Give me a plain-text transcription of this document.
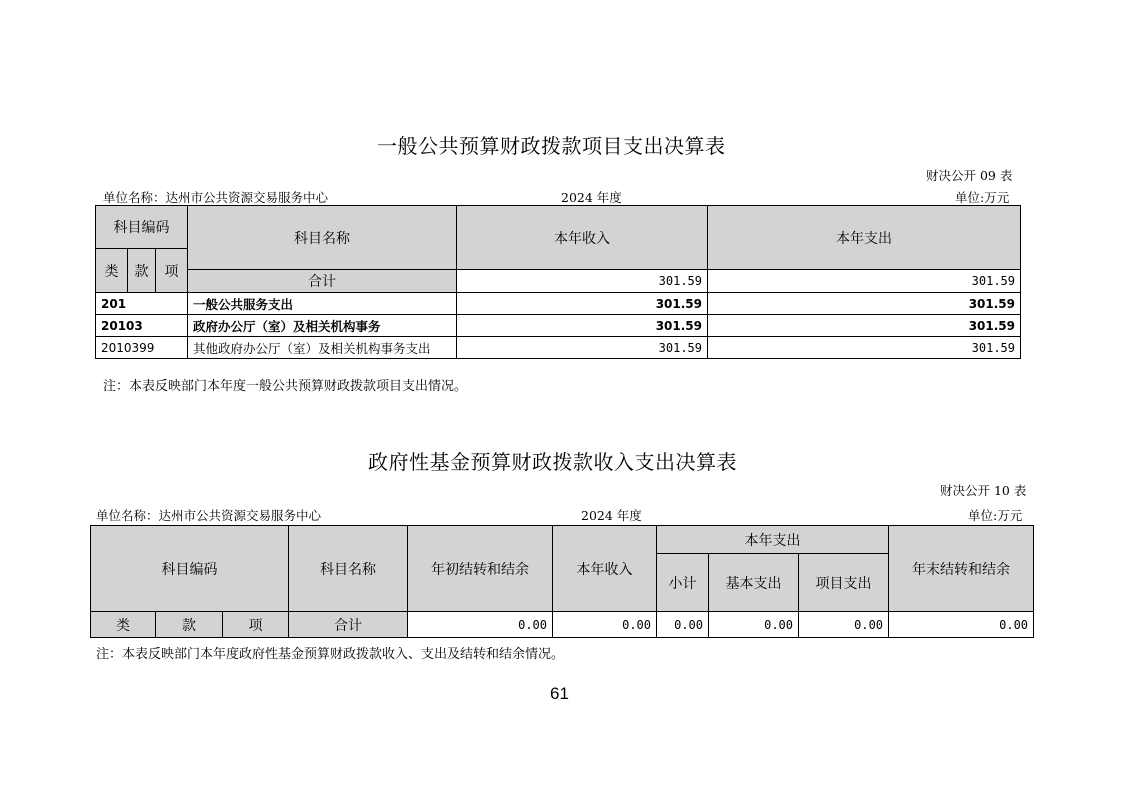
一般公共预算财政拨款项目支出决算表
财决公开 09 表
单位名称：达州市公共资源交易服务中心	2024 年度	单位:万元
科目编码			科目名称	本年收入	本年支出
类	款	项			
			合计	301.59	301.59
201			一般公共服务支出	301.59	301.59
20103			政府办公厅（室）及相关机构事务	301.59	301.59
2010399			其他政府办公厅（室）及相关机构事务支出	301.59	301.59
注：本表反映部门本年度一般公共预算财政拨款项目支出情况。
政府性基金预算财政拨款收入支出决算表
财决公开 10 表
单位名称：达州市公共资源交易服务中心	2024 年度	单位:万元
科目编码			科目名称	年初结转和结余	本年收入	本年支出			年末结转和结余
						小计	基本支出	项目支出	
类	款	项	合计	0.00	0.00	0.00	0.00	0.00	0.00
注：本表反映部门本年度政府性基金预算财政拨款收入、支出及结转和结余情况。
61
